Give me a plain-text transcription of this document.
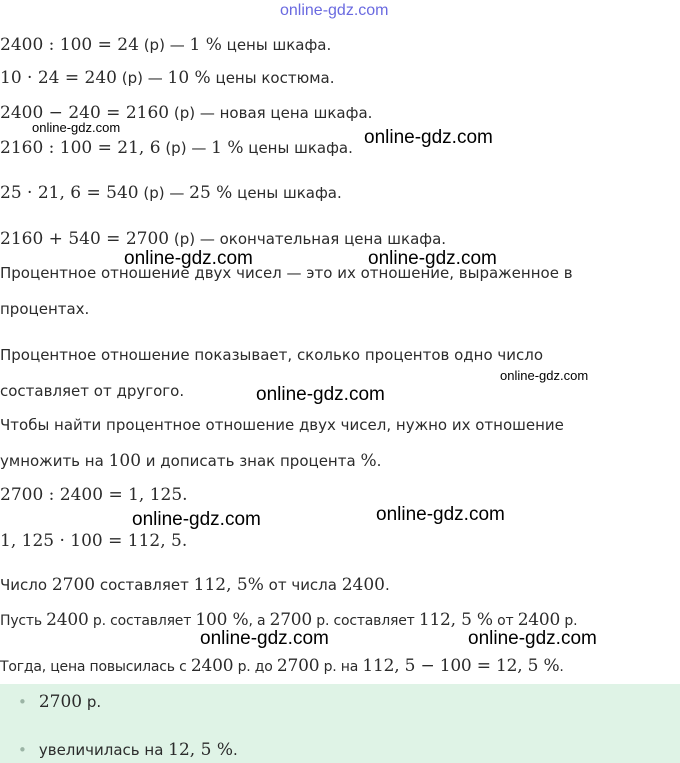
online-gdz.com
2400 : 100 = 24 (р) — 1 % цены шкафа.
10 · 24 = 240 (р) — 10 % цены костюма.
2400 − 240 = 2160 (р) — новая цена шкафа.
2160 : 100 = 21, 6 (р) — 1 % цены шкафа.
25 · 21, 6 = 540 (р) — 25 % цены шкафа.
2160 + 540 = 2700 (р) — окончательная цена шкафа.
Процентное отношение двух чисел — это их отношение, выраженное в
процентах.
Процентное отношение показывает, сколько процентов одно число
составляет от другого.
Чтобы найти процентное отношение двух чисел, нужно их отношение
умножить на 100 и дописать знак процента %.
2700 : 2400 = 1, 125.
1, 125 · 100 = 112, 5.
Число 2700 составляет 112, 5% от числа 2400.
Пусть 2400 р. составляет 100 %, а 2700 р. составляет 112, 5 % от 2400 р.
Тогда, цена повысилась с 2400 р. до 2700 р. на 112, 5 − 100 = 12, 5 %.
• 2700 р.
• увеличилась на 12, 5 %.
online-gdz.com	online-gdz.com
online-gdz.com	online-gdz.com
online-gdz.com
online-gdz.com
online-gdz.com	online-gdz.com
online-gdz.com	online-gdz.com
